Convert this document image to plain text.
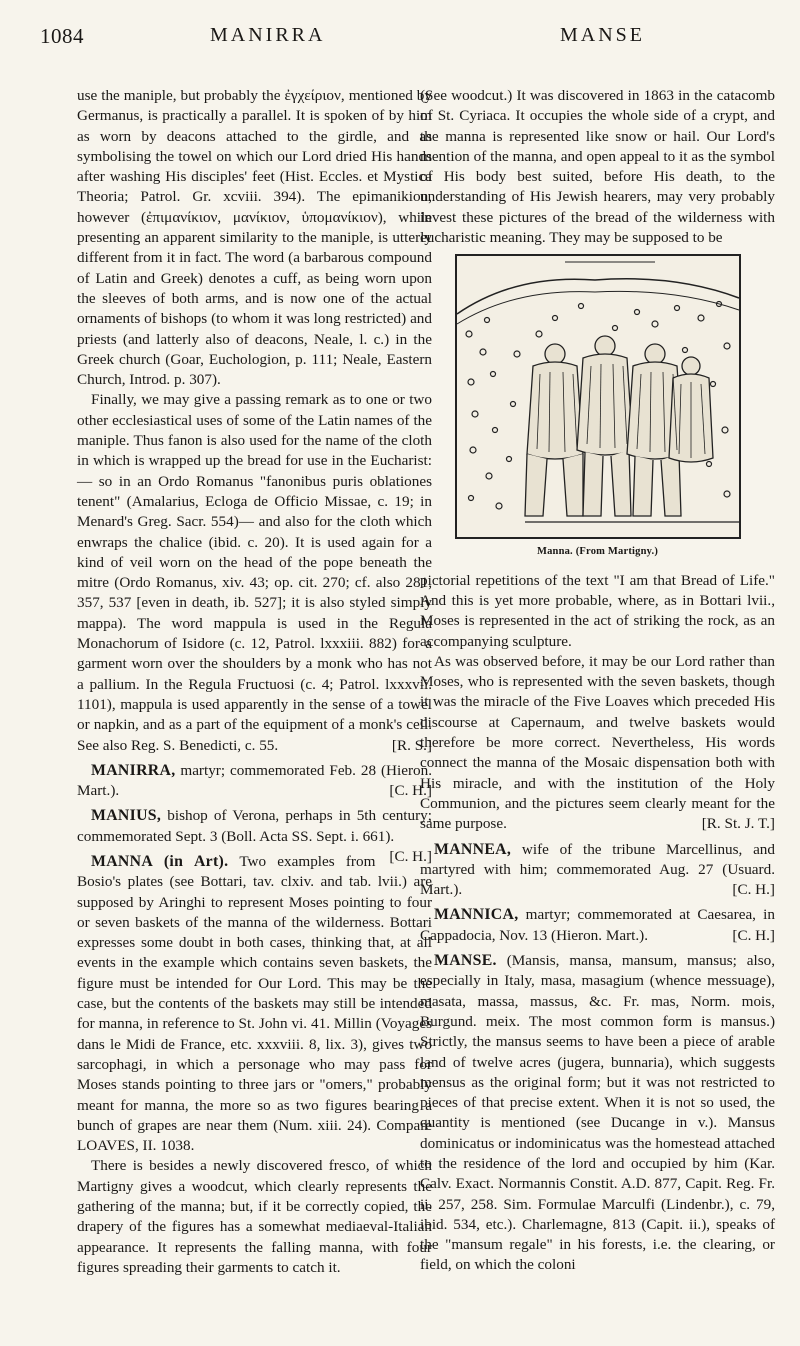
1084	MANIRRA	MANSE

use the maniple, but probably the ἐγχείριον, mentioned by Germanus, is practically a parallel. It is spoken of by him as worn by deacons attached to the girdle, and as symbolising the towel on which our Lord dried His hands after washing His disciples' feet (Hist. Eccles. et Mystica Theoria; Patrol. Gr. xcviii. 394). The epimanikion, however (ἐπιμανίκιον, μανίκιον, ὑπομανίκιον), while presenting an apparent similarity to the maniple, is utterly different from it in fact. The word (a barbarous compound of Latin and Greek) denotes a cuff, as being worn upon the sleeves of both arms, and is now one of the actual ornaments of bishops (to whom it was long restricted) and priests (and latterly also of deacons, Neale, l. c.) in the Greek church (Goar, Euchologion, p. 111; Neale, Eastern Church, Introd. p. 307).

Finally, we may give a passing remark as to one or two other ecclesiastical uses of some of the Latin names of the maniple. Thus fanon is also used for the name of the cloth in which is wrapped up the bread for use in the Eucharist:— so in an Ordo Romanus "fanonibus puris oblationes tenent" (Amalarius, Ecloga de Officio Missae, c. 19; in Menard's Greg. Sacr. 554)— and also for the cloth which enwraps the chalice (ibid. c. 20). It is used again for a kind of veil worn on the head of the pope beneath the mitre (Ordo Romanus, xiv. 43; op. cit. 270; cf. also 281, 357, 537 [even in death, ib. 527]; it is also styled simply mappa). The word mappula is used in the Regula Monachorum of Isidore (c. 12, Patrol. lxxxiii. 882) for a garment worn over the shoulders by a monk who has not a pallium. In the Regula Fructuosi (c. 4; Patrol. lxxxvii. 1101), mappula is used apparently in the sense of a towel or napkin, and as a part of the equipment of a monk's cell. See also Reg. S. Benedicti, c. 55.	[R. S.]

MANIRRA, martyr; commemorated Feb. 28 (Hieron. Mart.).	[C. H.]

MANIUS, bishop of Verona, perhaps in 5th century; commemorated Sept. 3 (Boll. Acta SS. Sept. i. 661).
[C. H.]

MANNA (in Art). Two examples from Bosio's plates (see Bottari, tav. clxiv. and tab. lvii.) are supposed by Aringhi to represent Moses pointing to four or seven baskets of the manna of the wilderness. Bottari expresses some doubt in both cases, thinking that, at all events in the example which contains seven baskets, the figure must be intended for Our Lord. This may be the case, but the contents of the baskets may still be intended for manna, in reference to St. John vi. 41. Millin (Voyages dans le Midi de France, etc. xxxviii. 8, lix. 3), gives two sarcophagi, in which a personage who may pass for Moses stands pointing to three jars or "omers," probably meant for manna, the more so as two figures bearing a bunch of grapes are near them (Num. xiii. 24). Compare LOAVES, II. 1038.

There is besides a newly discovered fresco, of which Martigny gives a woodcut, which clearly represents the gathering of the manna; but, if it be correctly copied, the drapery of the figures has a somewhat mediaeval-Italian appearance. It represents the falling manna, with four figures spreading their garments to catch it.

(See woodcut.) It was discovered in 1863 in the catacomb of St. Cyriaca. It occupies the whole side of a crypt, and the manna is represented like snow or hail. Our Lord's mention of the manna, and open appeal to it as the symbol of His body best suited, before His death, to the understanding of His Jewish hearers, may very probably invest these pictures of the bread of the wilderness with eucharistic meaning. They may be supposed to be

Manna. (From Martigny.)

pictorial repetitions of the text "I am that Bread of Life." And this is yet more probable, where, as in Bottari lvii., Moses is represented in the act of striking the rock, as an accompanying sculpture.

As was observed before, it may be our Lord rather than Moses, who is represented with the seven baskets, though it was the miracle of the Five Loaves which preceded His discourse at Capernaum, and twelve baskets would therefore be more correct. Nevertheless, His words connect the manna of the Mosaic dispensation both with His miracle, and with the institution of the Holy Communion, and the pictures seem clearly meant for the same purpose.	[R. St. J. T.]

MANNEA, wife of the tribune Marcellinus, and martyred with him; commemorated Aug. 27 (Usuard. Mart.).	[C. H.]

MANNICA, martyr; commemorated at Caesarea, in Cappadocia, Nov. 13 (Hieron. Mart.).	[C. H.]

MANSE. (Mansis, mansa, mansum, mansus; also, especially in Italy, masa, masagium (whence messuage), masata, massa, massus, &c. Fr. mas, Norm. mois, Burgund. meix. The most common form is mansus.) Strictly, the mansus seems to have been a piece of arable land of twelve acres (jugera, bunnaria), which suggests mensus as the original form; but it was not restricted to pieces of that precise extent. When it is not so used, the quantity is mentioned (see Ducange in v.). Mansus dominicatus or indominicatus was the homestead attached to the residence of the lord and occupied by him (Kar. Calv. Exact. Normannis Constit. A.D. 877, Capit. Reg. Fr. ii. 257, 258. Sim. Formulae Marculfi (Lindenbr.), c. 79, ibid. 534, etc.). Charlemagne, 813 (Capit. ii.), speaks of the "mansum regale" in his forests, i.e. the clearing, or field, on which the coloni
